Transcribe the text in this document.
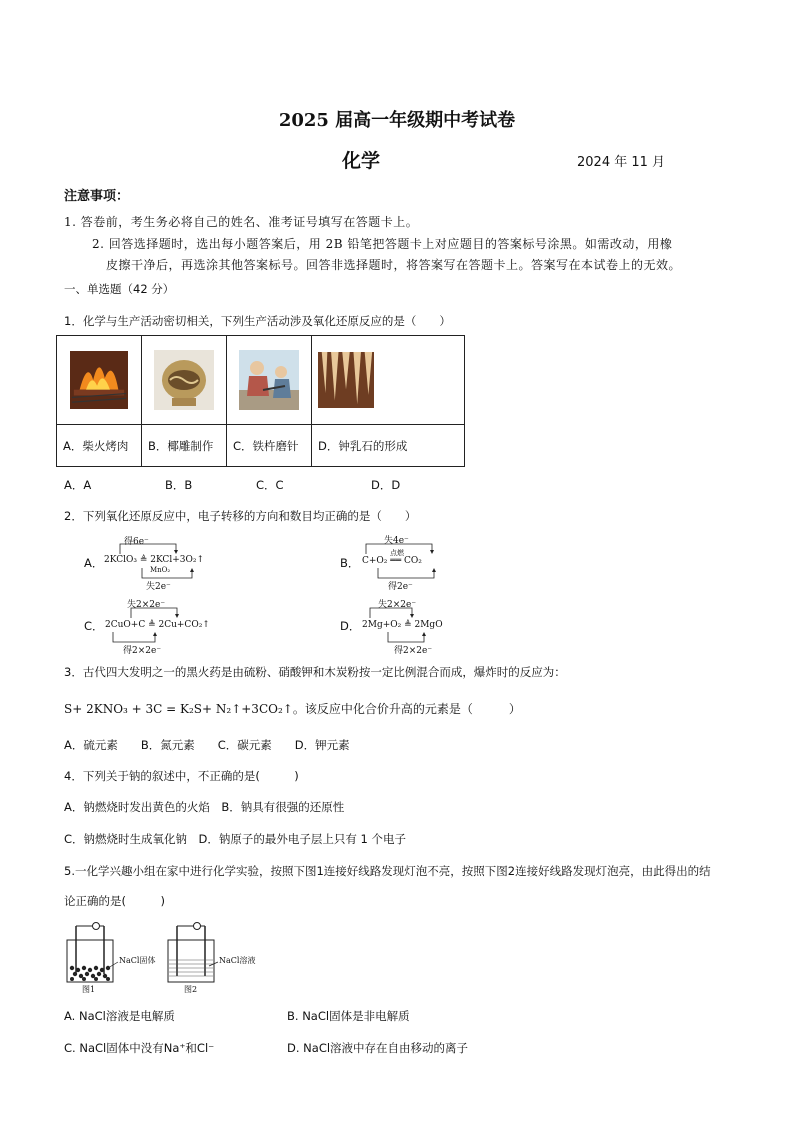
2025 届高一年级期中考试卷
化学	2024 年 11 月
注意事项：
1. 答卷前，考生务必将自己的姓名、准考证号填写在答题卡上。
2. 回答选择题时，选出每小题答案后，用 2B 铅笔把答题卡上对应题目的答案标号涂黑。如需改动，用橡
皮擦干净后，再选涂其他答案标号。回答非选择题时，将答案写在答题卡上。答案写在本试卷上的无效。
一、单选题（42 分）
1．化学与生产活动密切相关，下列生产活动涉及氧化还原反应的是（　　）

A．柴火烤肉	B．椰雕制作	C．铁杵磨针	D．钟乳石的形成
A．A	B．B	C．C	D．D
2．下列氧化还原反应中，电子转移的方向和数目均正确的是（　　）
A．
得6e⁻
2KClO₃ ≜ 2KCl+3O₂↑
MnO₂
失2e⁻
B．
失4e⁻
点燃
C+O₂ ══ CO₂
得2e⁻
C．
失2×2e⁻
2CuO+C ≜ 2Cu+CO₂↑
得2×2e⁻
D．
失2×2e⁻
2Mg+O₂ ≜ 2MgO
得2×2e⁻
3．古代四大发明之一的黑火药是由硫粉、硝酸钾和木炭粉按一定比例混合而成，爆炸时的反应为：
S+ 2KNO₃ + 3C = K₂S+ N₂↑+3CO₂↑。该反应中化合价升高的元素是（　　　）
A．硫元素　　B．氮元素　　C．碳元素　　D．钾元素
4．下列关于钠的叙述中，不正确的是(　　　)
A．钠燃烧时发出黄色的火焰　B．钠具有很强的还原性
C．钠燃烧时生成氧化钠　D．钠原子的最外电子层上只有 1 个电子
5.一化学兴趣小组在家中进行化学实验，按照下图1连接好线路发现灯泡不亮，按照下图2连接好线路发现灯泡亮，由此得出的结
论正确的是(　　　)
NaCl固体	NaCl溶液
图1	图2
A. NaCl溶液是电解质	B. NaCl固体是非电解质
C. NaCl固体中没有Na⁺和Cl⁻	D. NaCl溶液中存在自由移动的离子
